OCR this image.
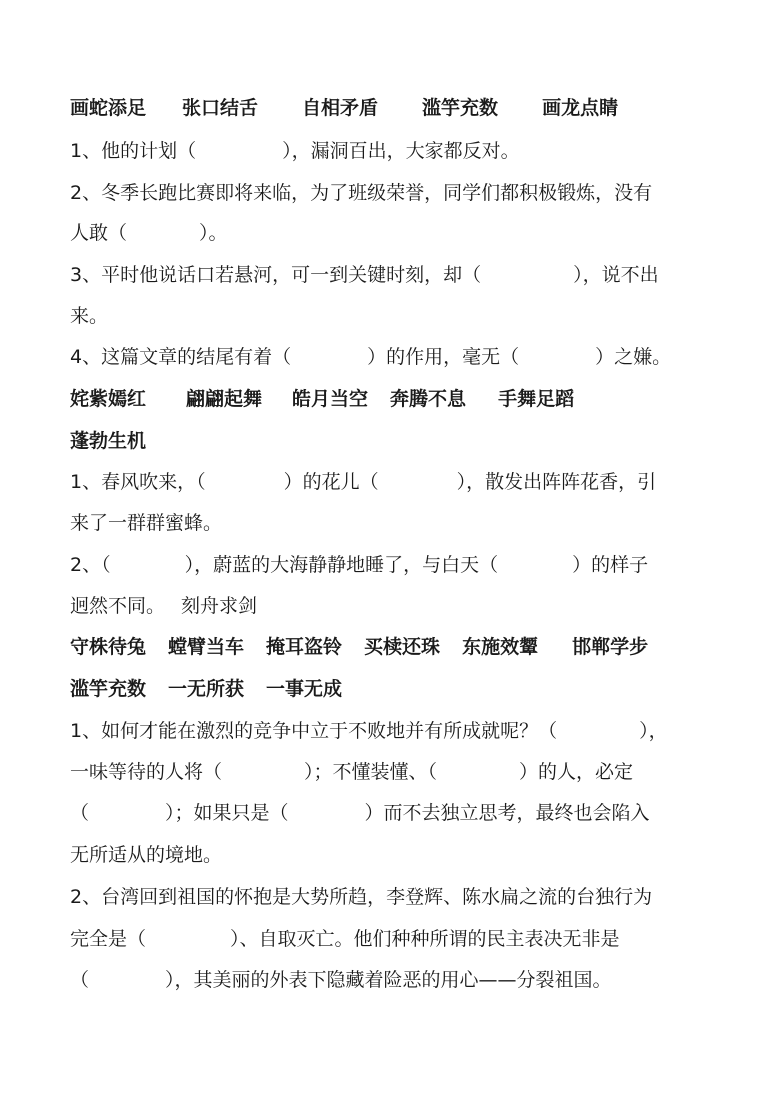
画蛇添足 张口结舌 自相矛盾 滥竽充数 画龙点睛
1、他的计划（	），漏洞百出，大家都反对。
2、冬季长跑比赛即将来临，为了班级荣誉，同学们都积极锻炼，没有
人敢（	）。
3、平时他说话口若悬河，可一到关键时刻，却（	），说不出
来。
4、这篇文章的结尾有着（	）的作用，毫无（	）之嫌。
姹紫嫣红 翩翩起舞 皓月当空 奔腾不息 手舞足蹈
蓬勃生机
1、春风吹来，（	）的花儿（	），散发出阵阵花香，引
来了一群群蜜蜂。
2、（	），蔚蓝的大海静静地睡了，与白天（	）的样子
迥然不同。 刻舟求剑
守株待兔 螳臂当车 掩耳盗铃 买椟还珠 东施效颦 邯郸学步
滥竽充数 一无所获 一事无成
1、如何才能在激烈的竞争中立于不败地并有所成就呢？（	），
一味等待的人将（	）；不懂装懂、（	）的人，必定
（	）；如果只是（	）而不去独立思考，最终也会陷入
无所适从的境地。
2、台湾回到祖国的怀抱是大势所趋，李登辉、陈水扁之流的台独行为
完全是（	）、自取灭亡。他们种种所谓的民主表决无非是
（	），其美丽的外表下隐藏着险恶的用心——分裂祖国。
